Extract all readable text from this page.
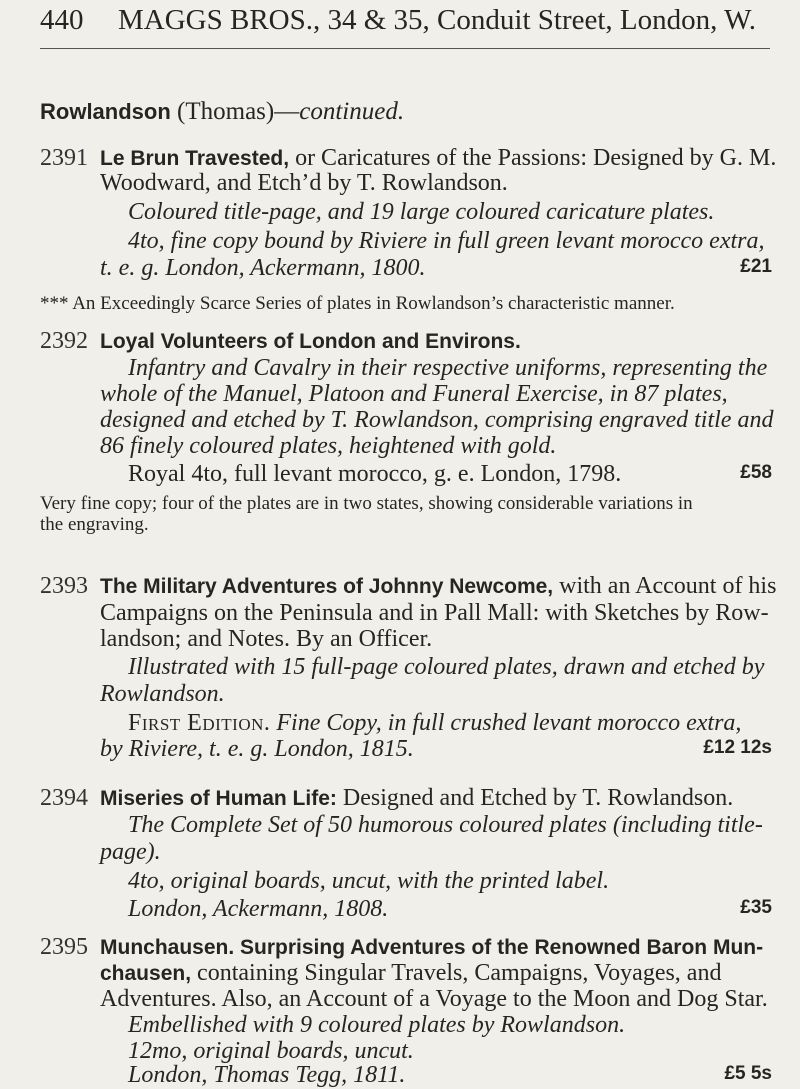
440 MAGGS BROS., 34 & 35, Conduit Street, London, W.
Rowlandson (Thomas)—continued.
2391 Le Brun Travested, or Caricatures of the Passions: Designed by G. M.
Woodward, and Etch’d by T. Rowlandson.
Coloured title-page, and 19 large coloured caricature plates.
4to, fine copy bound by Riviere in full green levant morocco extra,
t. e. g. London, Ackermann, 1800.	£21
*** An Exceedingly Scarce Series of plates in Rowlandson’s characteristic manner.
2392 Loyal Volunteers of London and Environs.
Infantry and Cavalry in their respective uniforms, representing the
whole of the Manuel, Platoon and Funeral Exercise, in 87 plates,
designed and etched by T. Rowlandson, comprising engraved title and
86 finely coloured plates, heightened with gold.
Royal 4to, full levant morocco, g. e. London, 1798.	£58
Very fine copy; four of the plates are in two states, showing considerable variations in
the engraving.
2393 The Military Adventures of Johnny Newcome, with an Account of his
Campaigns on the Peninsula and in Pall Mall: with Sketches by Row-
landson; and Notes. By an Officer.
Illustrated with 15 full-page coloured plates, drawn and etched by
Rowlandson.
First Edition. Fine Copy, in full crushed levant morocco extra,
by Riviere, t. e. g. London, 1815.	£12 12s
2394 Miseries of Human Life: Designed and Etched by T. Rowlandson.
The Complete Set of 50 humorous coloured plates (including title-
page).
4to, original boards, uncut, with the printed label.
London, Ackermann, 1808.	£35
2395 Munchausen. Surprising Adventures of the Renowned Baron Mun-
chausen, containing Singular Travels, Campaigns, Voyages, and
Adventures. Also, an Account of a Voyage to the Moon and Dog Star.
Embellished with 9 coloured plates by Rowlandson.
12mo, original boards, uncut.
London, Thomas Tegg, 1811.	£5 5s
